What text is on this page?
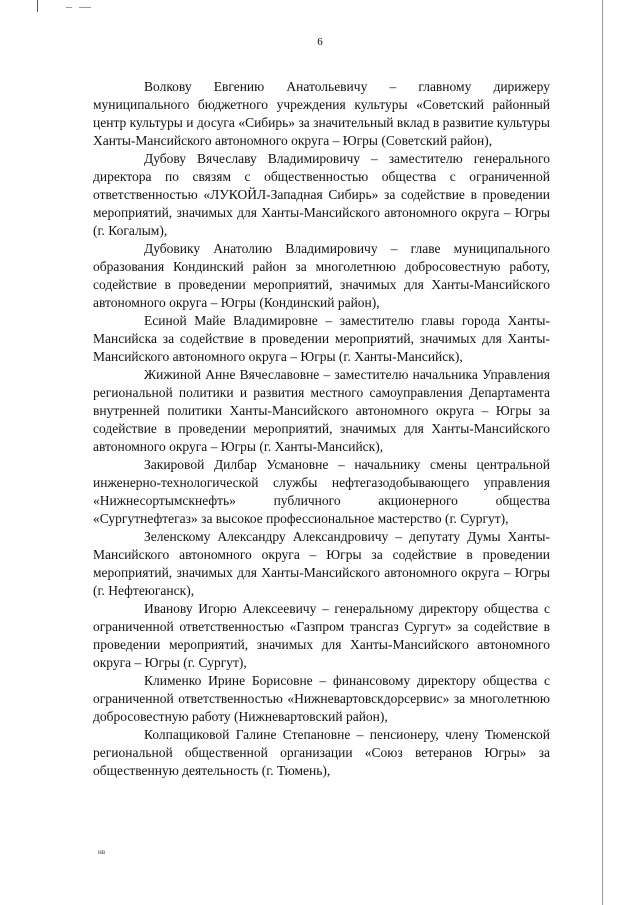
– —
6

Волкову Евгению Анатольевичу – главному дирижеру муниципального бюджетного учреждения культуры «Советский районный центр культуры и досуга «Сибирь» за значительный вклад в развитие культуры Ханты-Мансийского автономного округа – Югры (Советский район),

Дубову Вячеславу Владимировичу – заместителю генерального директора по связям с общественностью общества с ограниченной ответственностью «ЛУКОЙЛ-Западная Сибирь» за содействие в проведении мероприятий, значимых для Ханты-Мансийского автономного округа – Югры (г. Когалым),

Дубовику Анатолию Владимировичу – главе муниципального образования Кондинский район за многолетнюю добросовестную работу, содействие в проведении мероприятий, значимых для Ханты-Мансийского автономного округа – Югры (Кондинский район),

Есиной Майе Владимировне – заместителю главы города Ханты-Мансийска за содействие в проведении мероприятий, значимых для Ханты-Мансийского автономного округа – Югры (г. Ханты-Мансийск),

Жижиной Анне Вячеславовне – заместителю начальника Управления региональной политики и развития местного самоуправления Департамента внутренней политики Ханты-Мансийского автономного округа – Югры за содействие в проведении мероприятий, значимых для Ханты-Мансийского автономного округа – Югры (г. Ханты-Мансийск),

Закировой Дилбар Усмановне – начальнику смены центральной инженерно-технологической службы нефтегазодобывающего управления «Нижнесортымскнефть» публичного акционерного общества «Сургутнефтегаз» за высокое профессиональное мастерство (г. Сургут),

Зеленскому Александру Александровичу – депутату Думы Ханты-Мансийского автономного округа – Югры за содействие в проведении мероприятий, значимых для Ханты-Мансийского автономного округа – Югры (г. Нефтеюганск),

Иванову Игорю Алексеевичу – генеральному директору общества с ограниченной ответственностью «Газпром трансгаз Сургут» за содействие в проведении мероприятий, значимых для Ханты-Мансийского автономного округа – Югры (г. Сургут),

Клименко Ирине Борисовне – финансовому директору общества с ограниченной ответственностью «Нижневартовскдорсервис» за многолетнюю добросовестную работу (Нижневартовский район),

Колпащиковой Галине Степановне – пенсионеру, члену Тюменской региональной общественной организации «Союз ветеранов Югры» за общественную деятельность (г. Тюмень),

нв
